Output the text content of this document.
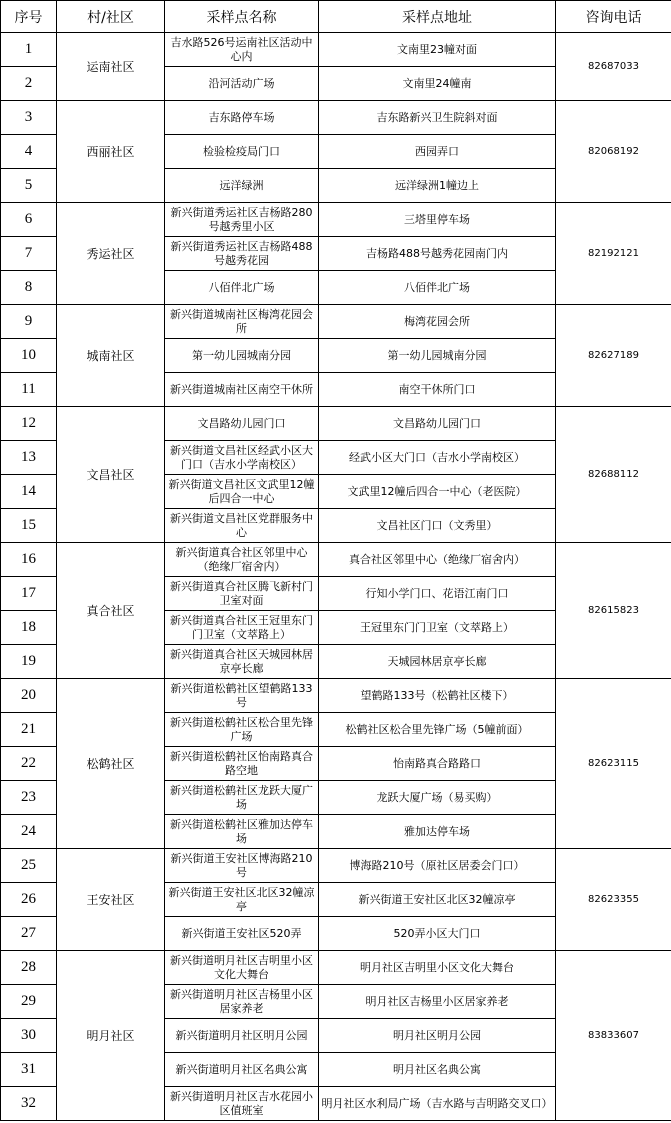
序号	村/社区	采样点名称	采样点地址	咨询电话
1	运南社区	吉水路526号运南社区活动中心内	文南里23幢对面	82687033
2		沿河活动广场	文南里24幢南	
3	西丽社区	吉东路停车场	吉东路新兴卫生院斜对面	82068192
4		检验检疫局门口	西园弄口	
5		远洋绿洲	远洋绿洲1幢边上	
6	秀运社区	新兴街道秀运社区吉杨路280号越秀里小区	三塔里停车场	82192121
7		新兴街道秀运社区吉杨路488号越秀花园	吉杨路488号越秀花园南门内	
8		八佰伴北广场	八佰伴北广场	
9	城南社区	新兴街道城南社区梅湾花园会所	梅湾花园会所	82627189
10		第一幼儿园城南分园	第一幼儿园城南分园	
11		新兴街道城南社区南空干休所	南空干休所门口	
12	文昌社区	文昌路幼儿园门口	文昌路幼儿园门口	82688112
13		新兴街道文昌社区经武小区大门口（吉水小学南校区）	经武小区大门口（吉水小学南校区）	
14		新兴街道文昌社区文武里12幢后四合一中心	文武里12幢后四合一中心（老医院）	
15		新兴街道文昌社区党群服务中心	文昌社区门口（文秀里）	
16	真合社区	新兴街道真合社区邻里中心（绝缘厂宿舍内）	真合社区邻里中心（绝缘厂宿舍内）	82615823
17		新兴街道真合社区腾飞新村门卫室对面	行知小学门口、花语江南门口	
18		新兴街道真合社区王冠里东门门卫室（文萃路上）	王冠里东门门卫室（文萃路上）	
19		新兴街道真合社区天城园林居京亭长廊	天城园林居京亭长廊	
20	松鹤社区	新兴街道松鹤社区望鹤路133号	望鹤路133号（松鹤社区楼下）	82623115
21		新兴街道松鹤社区松合里先锋广场	松鹤社区松合里先锋广场（5幢前面）	
22		新兴街道松鹤社区怡南路真合路空地	怡南路真合路路口	
23		新兴街道松鹤社区龙跃大厦广场	龙跃大厦广场（易买购）	
24		新兴街道松鹤社区雅加达停车场	雅加达停车场	
25	王安社区	新兴街道王安社区博海路210号	博海路210号（原社区居委会门口）	82623355
26		新兴街道王安社区北区32幢凉亭	新兴街道王安社区北区32幢凉亭	
27		新兴街道王安社区520弄	520弄小区大门口	
28	明月社区	新兴街道明月社区吉明里小区文化大舞台	明月社区吉明里小区文化大舞台	83833607
29		新兴街道明月社区吉杨里小区居家养老	明月社区吉杨里小区居家养老	
30		新兴街道明月社区明月公园	明月社区明月公园	
31		新兴街道明月社区名典公寓	明月社区名典公寓	
32		新兴街道明月社区吉水花园小区值班室	明月社区水利局广场（吉水路与吉明路交叉口）	
